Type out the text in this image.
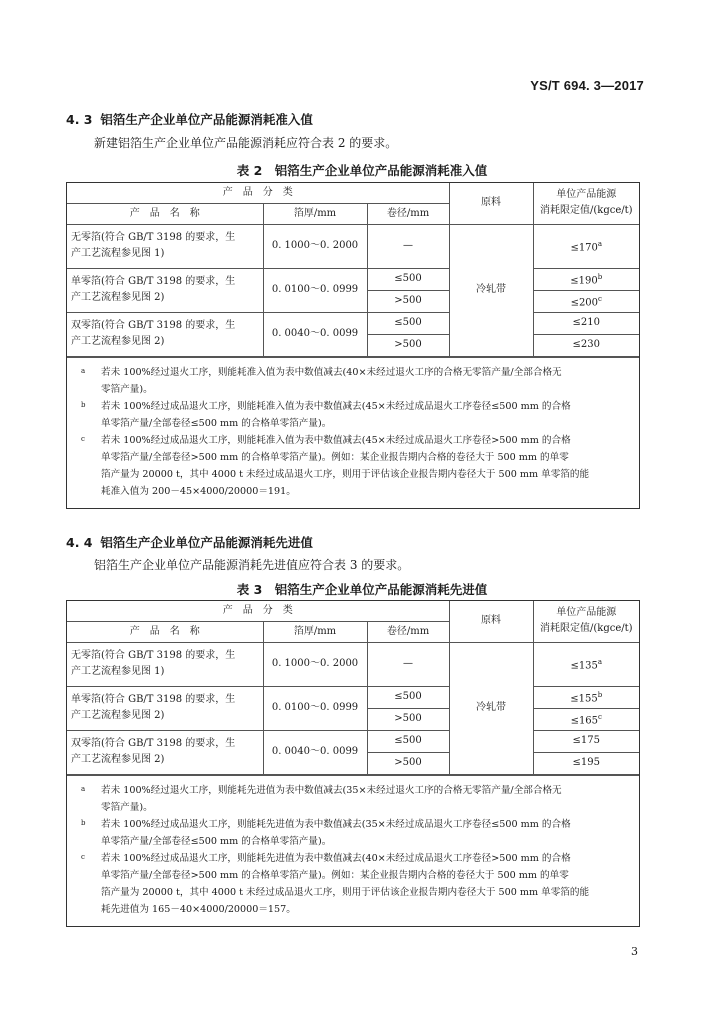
YS/T 694. 3—2017
4. 3 铝箔生产企业单位产品能源消耗准入值
新建铝箔生产企业单位产品能源消耗应符合表 2 的要求。
表 2　铝箔生产企业单位产品能源消耗准入值
产　品　分　类			原料	单位产品能源
消耗限定值/(kgce/t)

产　品　名　称	箔厚/mm	卷径/mm		

无零箔(符合 GB/T 3198 的要求，生
产工艺流程参见图 1)	0. 1000～0. 2000	—	冷轧带	$\le 170^a$

单零箔(符合 GB/T 3198 的要求，生
产工艺流程参见图 2)	0. 0100～0. 0999	≤500		$\le 190^b$
		>500		$\le 200^c$

双零箔(符合 GB/T 3198 的要求，生
产工艺流程参见图 2)	0. 0040～0. 0099	≤500		≤210
		>500		≤230
a	若未 100%经过退火工序，则能耗准入值为表中数值减去(40×未经过退火工序的合格无零箔产量/全部合格无
零箔产量)。
b	若未 100%经过成品退火工序，则能耗准入值为表中数值减去(45×未经过成品退火工序卷径≤500 mm 的合格
单零箔产量/全部卷径≤500 mm 的合格单零箔产量)。
c	若未 100%经过成品退火工序，则能耗准入值为表中数值减去(45×未经过成品退火工序卷径>500 mm 的合格
单零箔产量/全部卷径>500 mm 的合格单零箔产量)。例如：某企业报告期内合格的卷径大于 500 mm 的单零
箔产量为 20000 t，其中 4000 t 未经过成品退火工序，则用于评估该企业报告期内卷径大于 500 mm 单零箔的能
耗准入值为 200－45×4000/20000＝191。
4. 4 铝箔生产企业单位产品能源消耗先进值
铝箔生产企业单位产品能源消耗先进值应符合表 3 的要求。
表 3　铝箔生产企业单位产品能源消耗先进值
产　品　分　类			原料	单位产品能源
消耗限定值/(kgce/t)

产　品　名　称	箔厚/mm	卷径/mm		

无零箔(符合 GB/T 3198 的要求，生
产工艺流程参见图 1)	0. 1000～0. 2000	—	冷轧带	$\le 135^a$

单零箔(符合 GB/T 3198 的要求，生
产工艺流程参见图 2)	0. 0100～0. 0999	≤500		$\le 155^b$
		>500		$\le 165^c$

双零箔(符合 GB/T 3198 的要求，生
产工艺流程参见图 2)	0. 0040～0. 0099	≤500		≤175
		>500		≤195
a	若未 100%经过退火工序，则能耗先进值为表中数值减去(35×未经过退火工序的合格无零箔产量/全部合格无
零箔产量)。
b	若未 100%经过成品退火工序，则能耗先进值为表中数值减去(35×未经过成品退火工序卷径≤500 mm 的合格
单零箔产量/全部卷径≤500 mm 的合格单零箔产量)。
c	若未 100%经过成品退火工序，则能耗先进值为表中数值减去(40×未经过成品退火工序卷径>500 mm 的合格
单零箔产量/全部卷径>500 mm 的合格单零箔产量)。例如：某企业报告期内合格的卷径大于 500 mm 的单零
箔产量为 20000 t，其中 4000 t 未经过成品退火工序，则用于评估该企业报告期内卷径大于 500 mm 单零箔的能
耗先进值为 165－40×4000/20000＝157。
3
